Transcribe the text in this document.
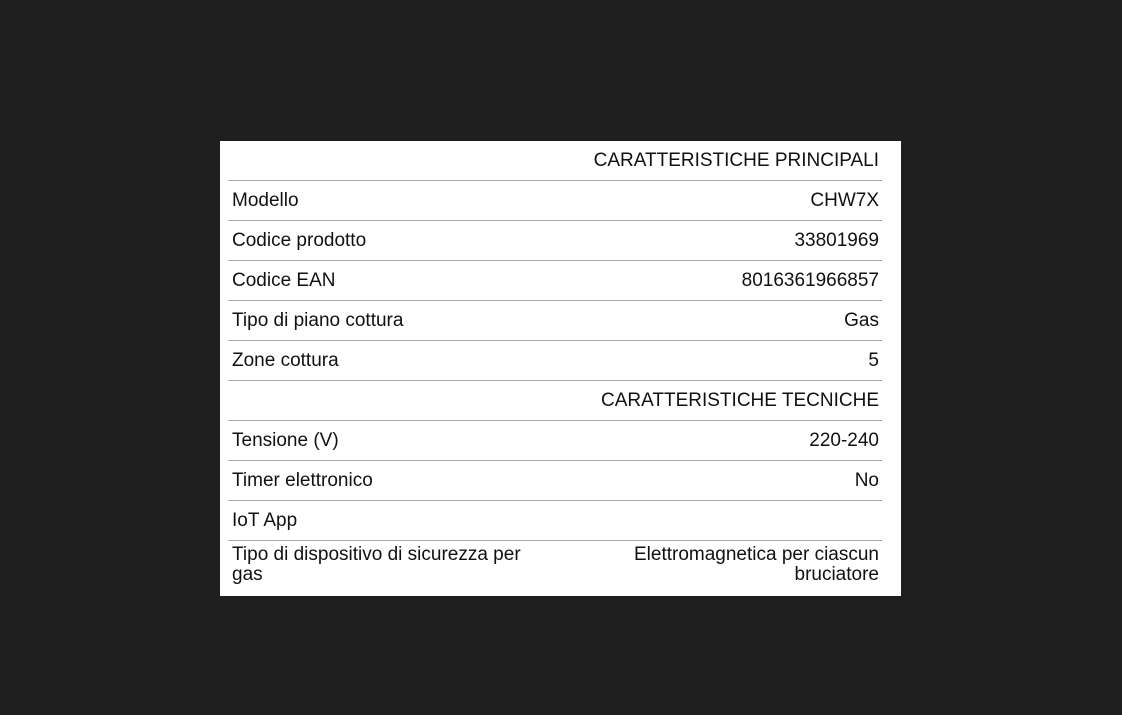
CARATTERISTICHE PRINCIPALI	
Modello	CHW7X
Codice prodotto	33801969
Codice EAN	8016361966857
Tipo di piano cottura	Gas
Zone cottura	5
CARATTERISTICHE TECNICHE	
Tensione (V)	220-240
Timer elettronico	No
IoT App	
Tipo di dispositivo di sicurezza per gas	Elettromagnetica per ciascun bruciatore
